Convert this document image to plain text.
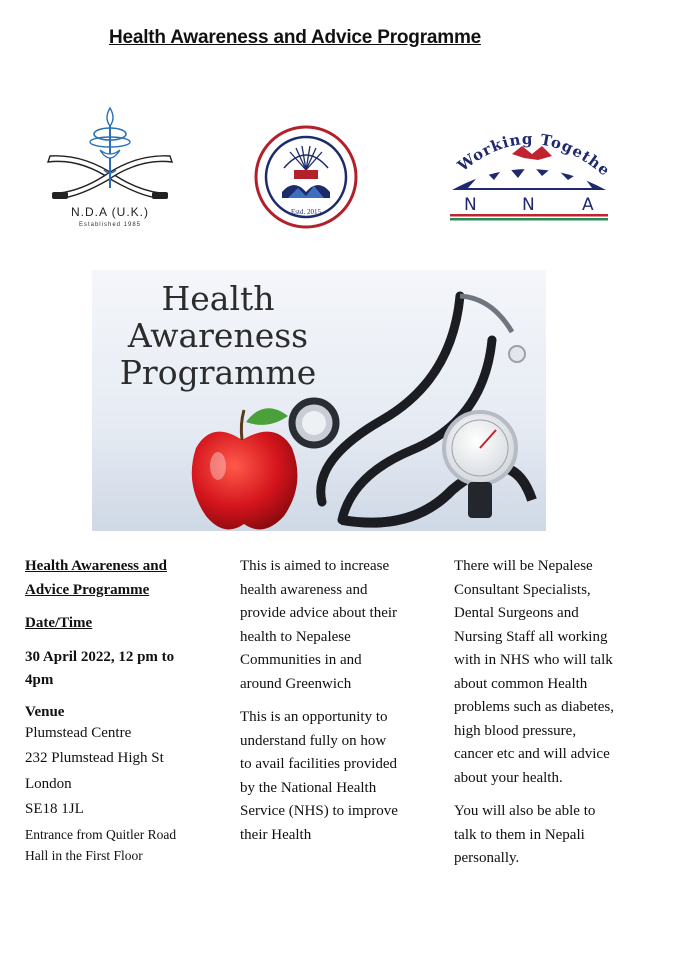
Health Awareness and Advice Programme
N.D.A (U.K.)
Established 1985
Estd. 2015
Working Togethe
N	N	A
Health
Awareness
Programme
Health Awareness and
Advice Programme
Date/Time
30 April 2022, 12 pm to
4pm
Venue
Plumstead Centre
232 Plumstead High St
London
SE18 1JL
Entrance from Quitler Road
Hall in the First Floor
This is aimed to increase
health awareness and
provide advice about their
health to Nepalese
Communities in and
around Greenwich
This is an opportunity to
understand fully on how
to avail facilities provided
by the National Health
Service (NHS) to improve
their Health
There will be Nepalese
Consultant Specialists,
Dental Surgeons and
Nursing Staff all working
with in NHS who will talk
about common Health
problems such as diabetes,
high blood pressure,
cancer etc and will advice
about your health.
You will also be able to
talk to them in Nepali
personally.
